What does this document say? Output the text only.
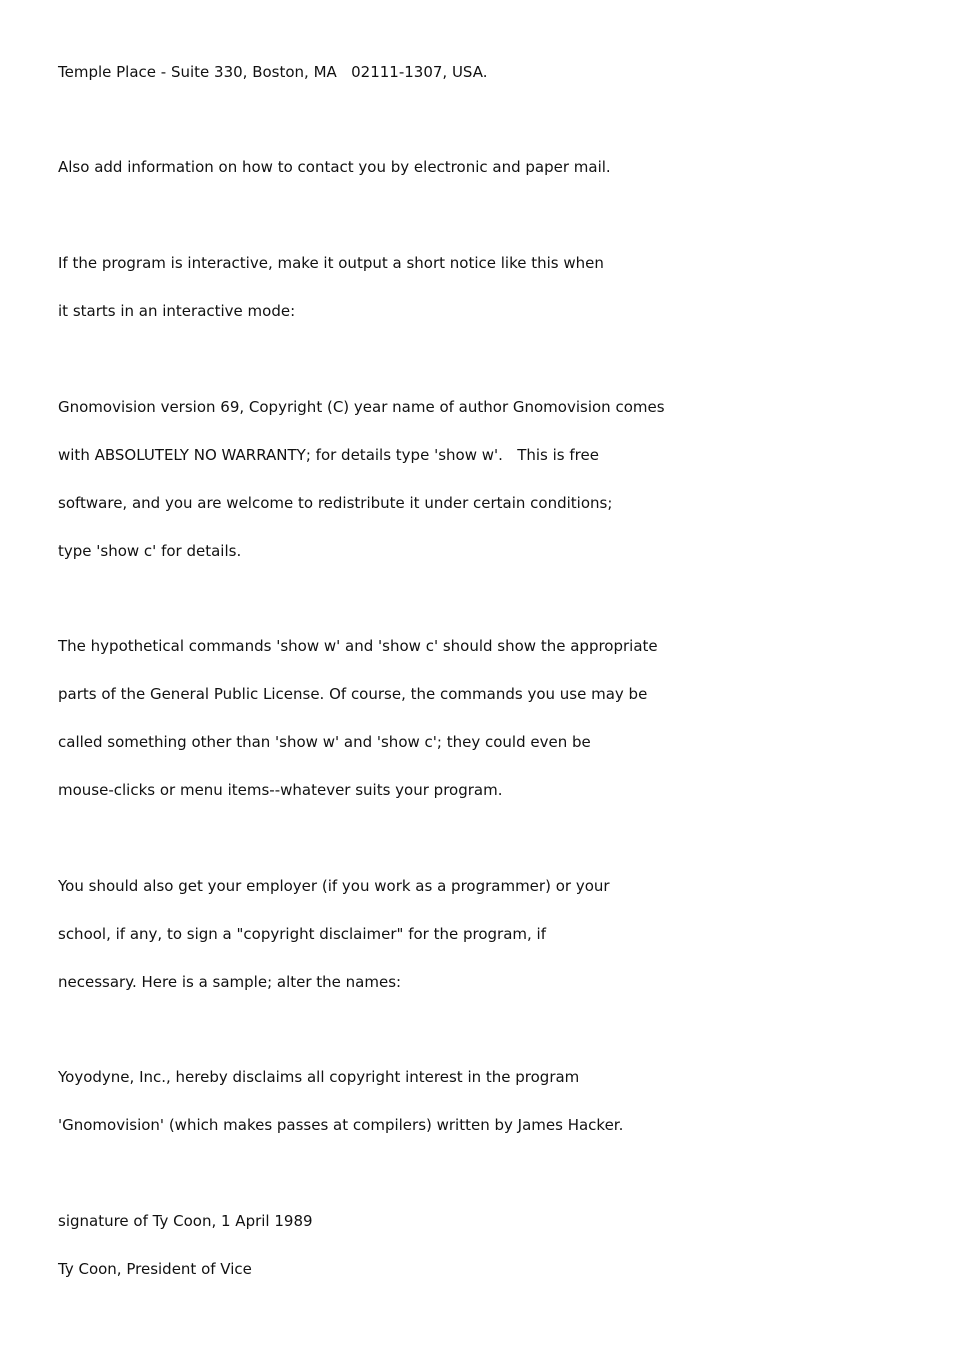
Temple Place - Suite 330, Boston, MA   02111-1307, USA.
Also add information on how to contact you by electronic and paper mail.
If the program is interactive, make it output a short notice like this when
it starts in an interactive mode:
Gnomovision version 69, Copyright (C) year name of author Gnomovision comes
with ABSOLUTELY NO WARRANTY; for details type 'show w'.   This is free
software, and you are welcome to redistribute it under certain conditions;
type 'show c' for details.
The hypothetical commands 'show w' and 'show c' should show the appropriate
parts of the General Public License. Of course, the commands you use may be
called something other than 'show w' and 'show c'; they could even be
mouse-clicks or menu items--whatever suits your program.
You should also get your employer (if you work as a programmer) or your
school, if any, to sign a "copyright disclaimer" for the program, if
necessary. Here is a sample; alter the names:
Yoyodyne, Inc., hereby disclaims all copyright interest in the program
'Gnomovision' (which makes passes at compilers) written by James Hacker.
signature of Ty Coon, 1 April 1989
Ty Coon, President of Vice
